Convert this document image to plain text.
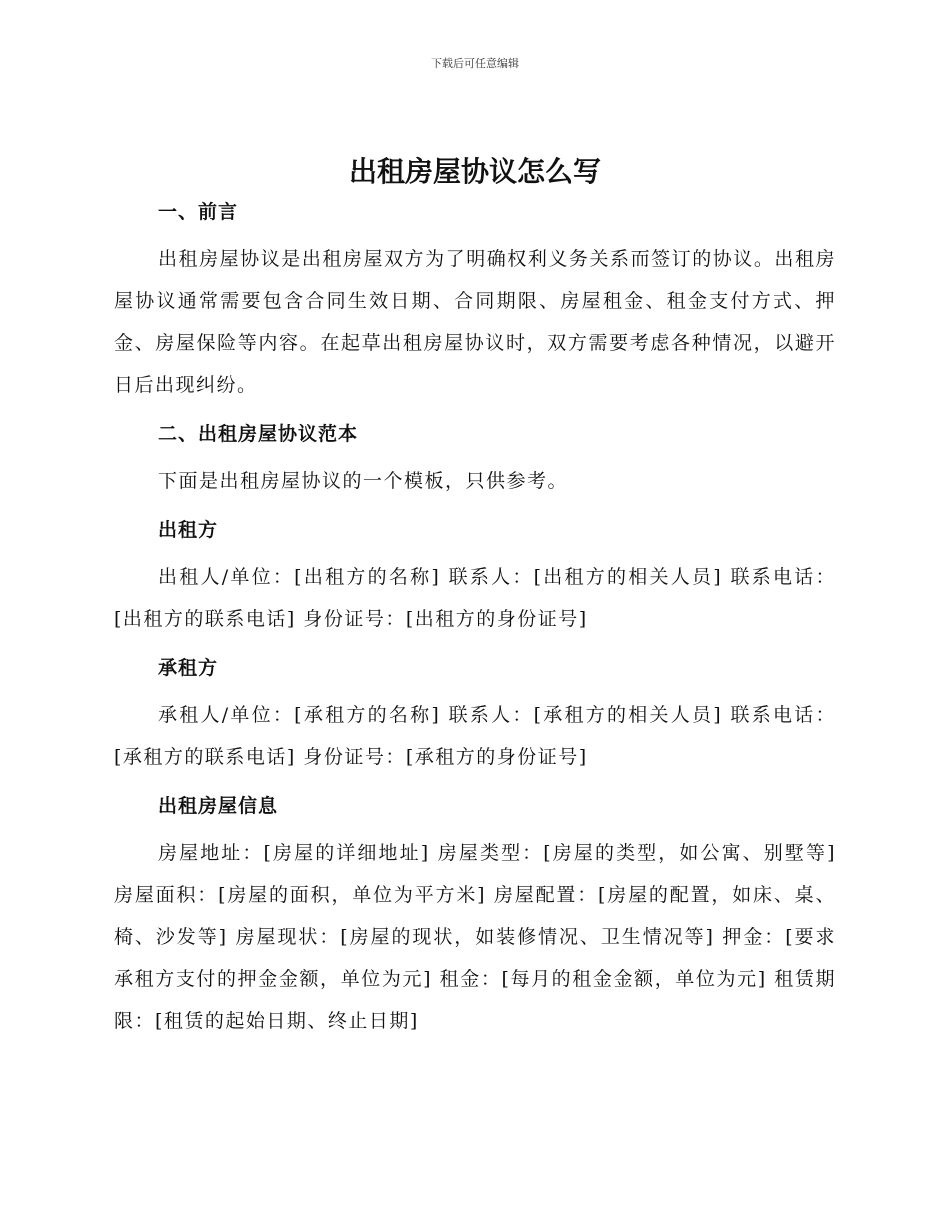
下载后可任意编辑
出租房屋协议怎么写
一、前言

出租房屋协议是出租房屋双方为了明确权利义务关系而签订的协议。出租房屋协议通常需要包含合同生效日期、合同期限、房屋租金、租金支付方式、押金、房屋保险等内容。在起草出租房屋协议时，双方需要考虑各种情况，以避开日后出现纠纷。

二、出租房屋协议范本

下面是出租房屋协议的一个模板，只供参考。

出租方

出租人/单位：[出租方的名称] 联系人：[出租方的相关人员] 联系电话：[出租方的联系电话] 身份证号：[出租方的身份证号]

承租方

承租人/单位：[承租方的名称] 联系人：[承租方的相关人员] 联系电话：[承租方的联系电话] 身份证号：[承租方的身份证号]

出租房屋信息

房屋地址：[房屋的详细地址] 房屋类型：[房屋的类型，如公寓、别墅等] 房屋面积：[房屋的面积，单位为平方米] 房屋配置：[房屋的配置，如床、桌、椅、沙发等] 房屋现状：[房屋的现状，如装修情况、卫生情况等] 押金：[要求承租方支付的押金金额，单位为元] 租金：[每月的租金金额，单位为元] 租赁期限：[租赁的起始日期、终止日期]
